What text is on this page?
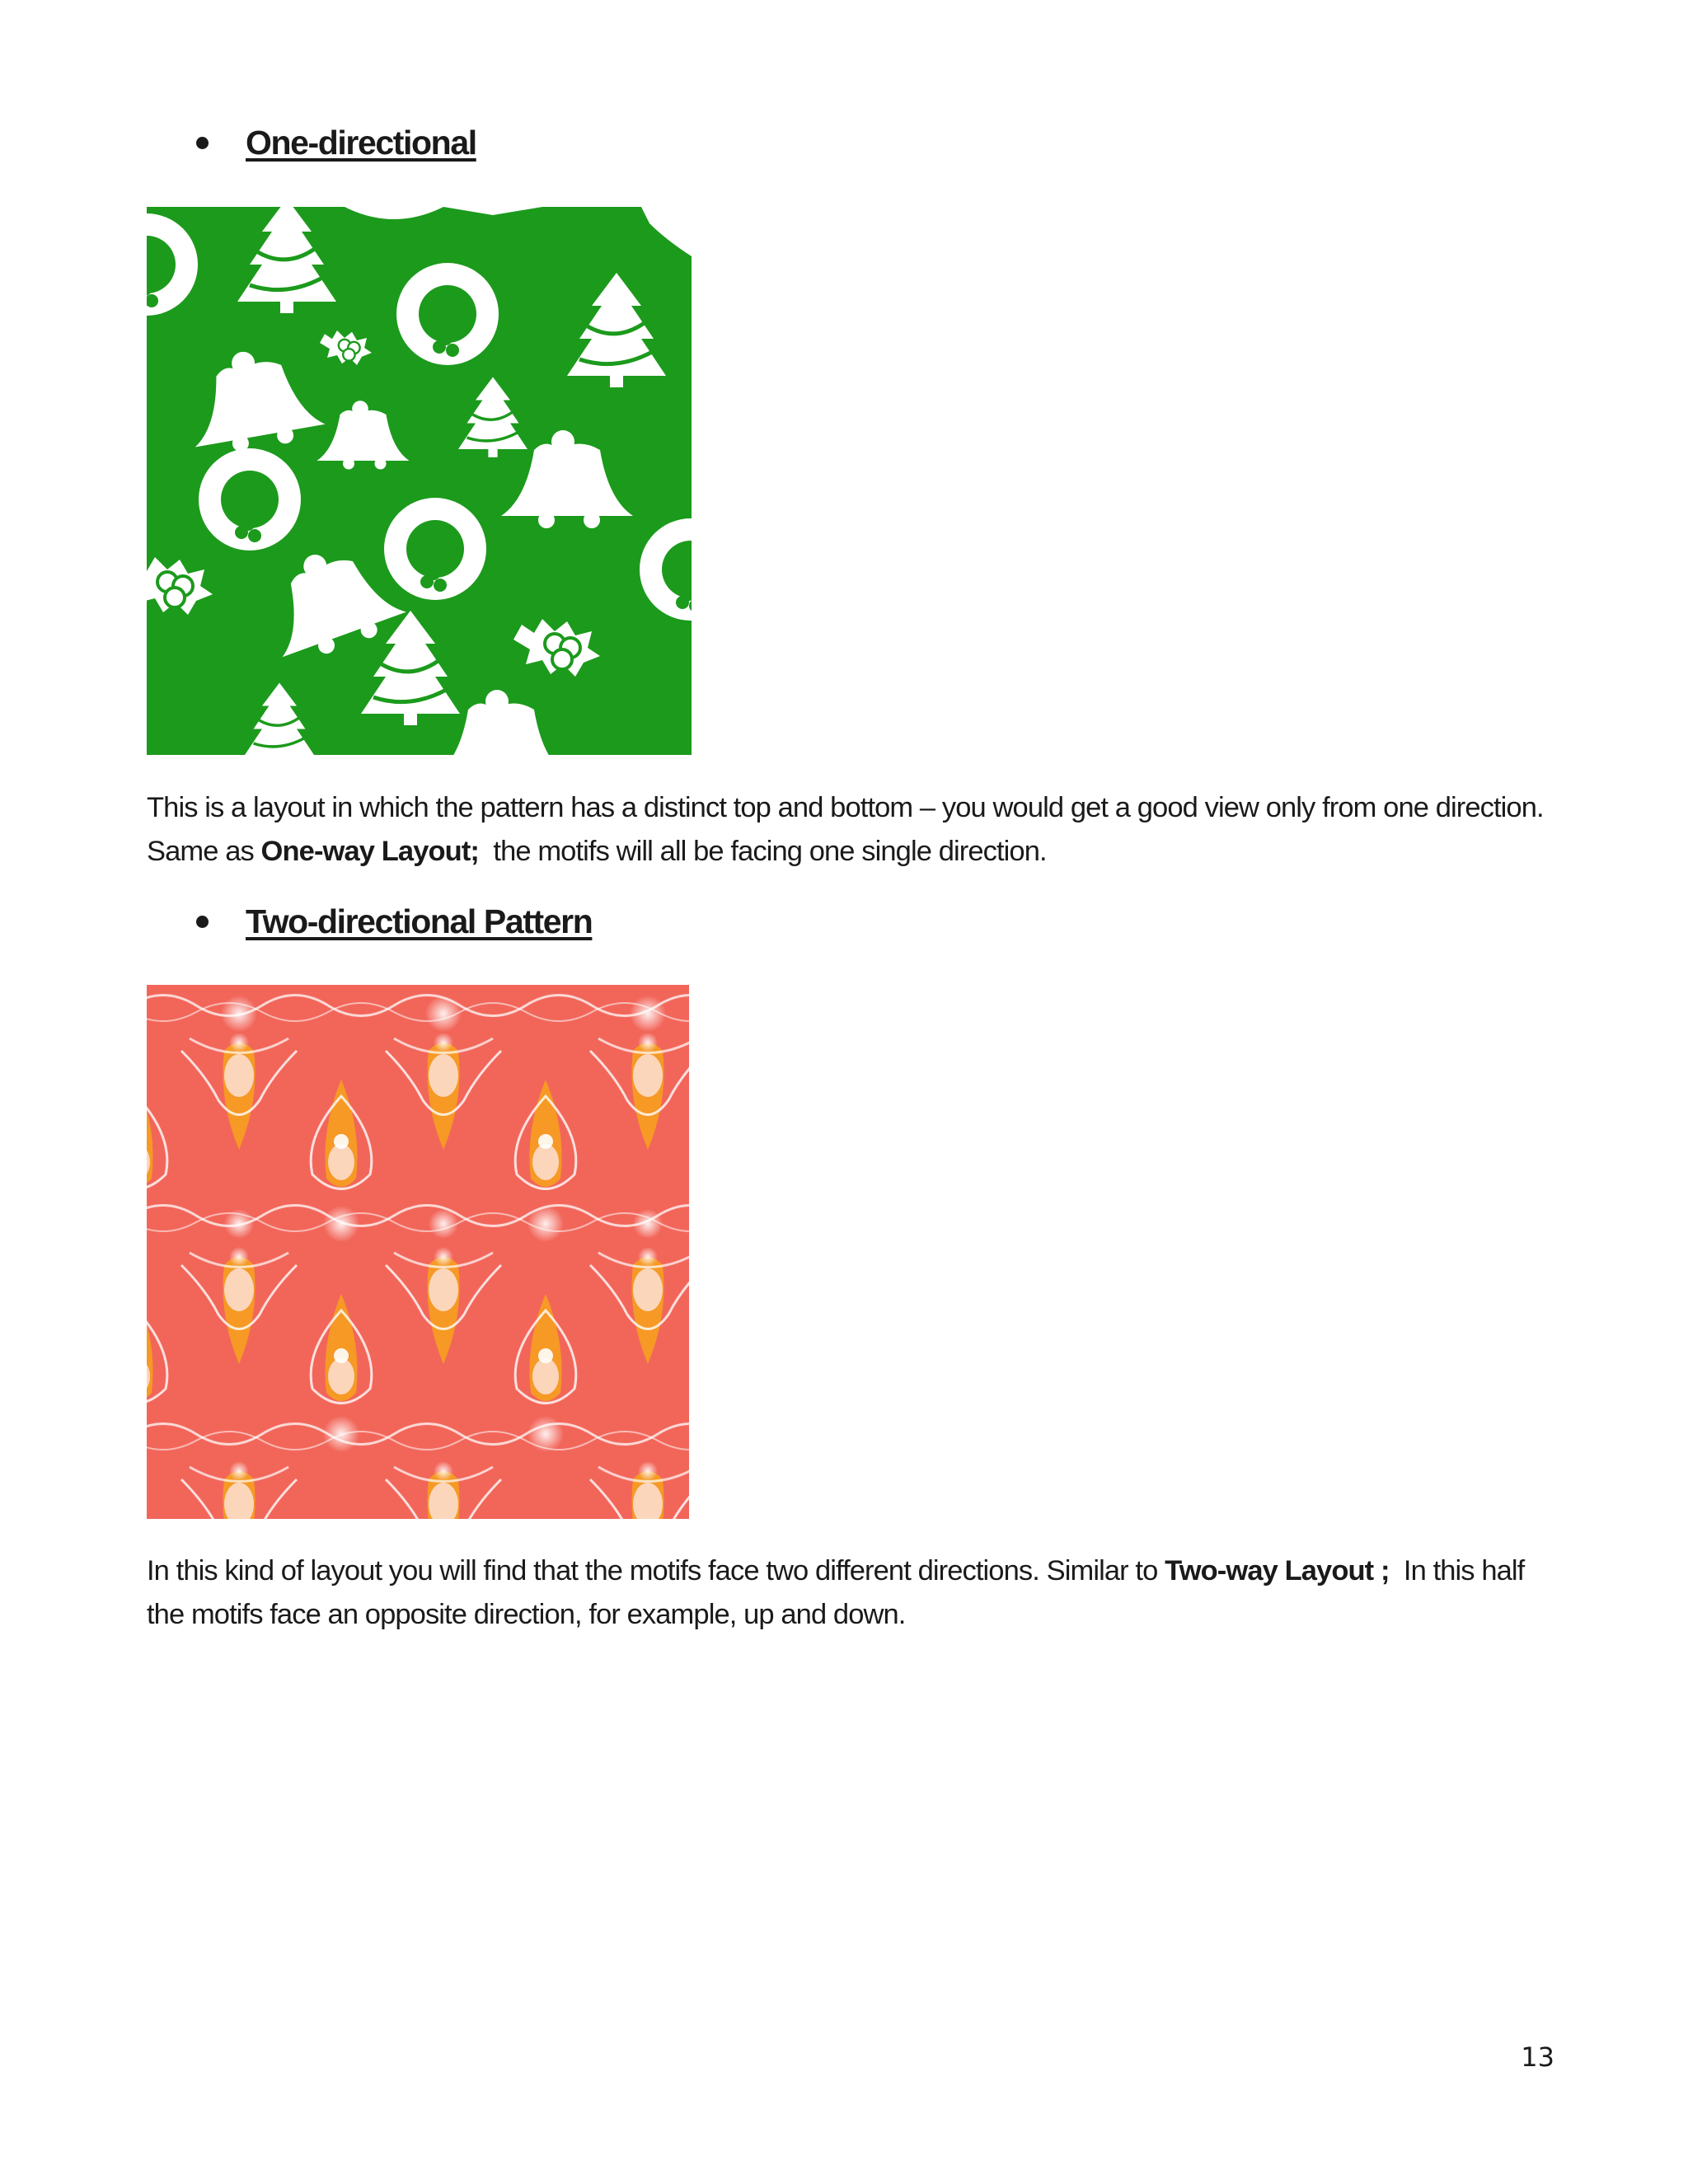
One-directional

This is a layout in which the pattern has a distinct top and bottom – you would get a good view only from one direction.
Same as One-way Layout;  the motifs will all be facing one single direction.

Two-directional Pattern

In this kind of layout you will find that the motifs face two different directions. Similar to Two-way Layout ;  In this half
the motifs face an opposite direction, for example, up and down.

13
